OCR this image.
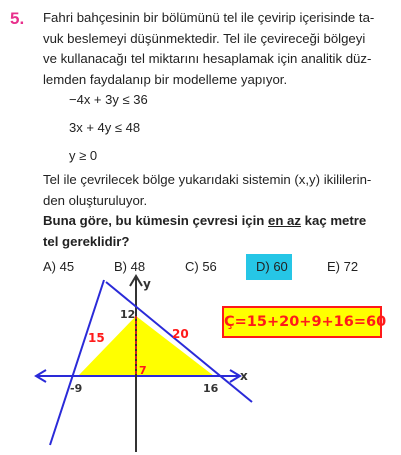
5. Fahri bahçesinin bir bölümünü tel ile çevirip içerisinde ta-
vuk beslemeyi düşünmektedir. Tel ile çevireceği bölgeyi
ve kullanacağı tel miktarını hesaplamak için analitik düz-
lemden faydalanıp bir modelleme yapıyor.
−4x + 3y ≤ 36
3x + 4y ≤ 48
y ≥ 0
Tel ile çevrilecek bölge yukarıdaki sistemin (x,y) ikililerin-
den oluşturuluyor.
Buna göre, bu kümesin çevresi için en az kaç metre
tel gereklidir?
A) 45	B) 48	C) 56	D) 60	E) 72
15	20
7
12
-9	16
x
y
Ç=15+20+9+16=60
